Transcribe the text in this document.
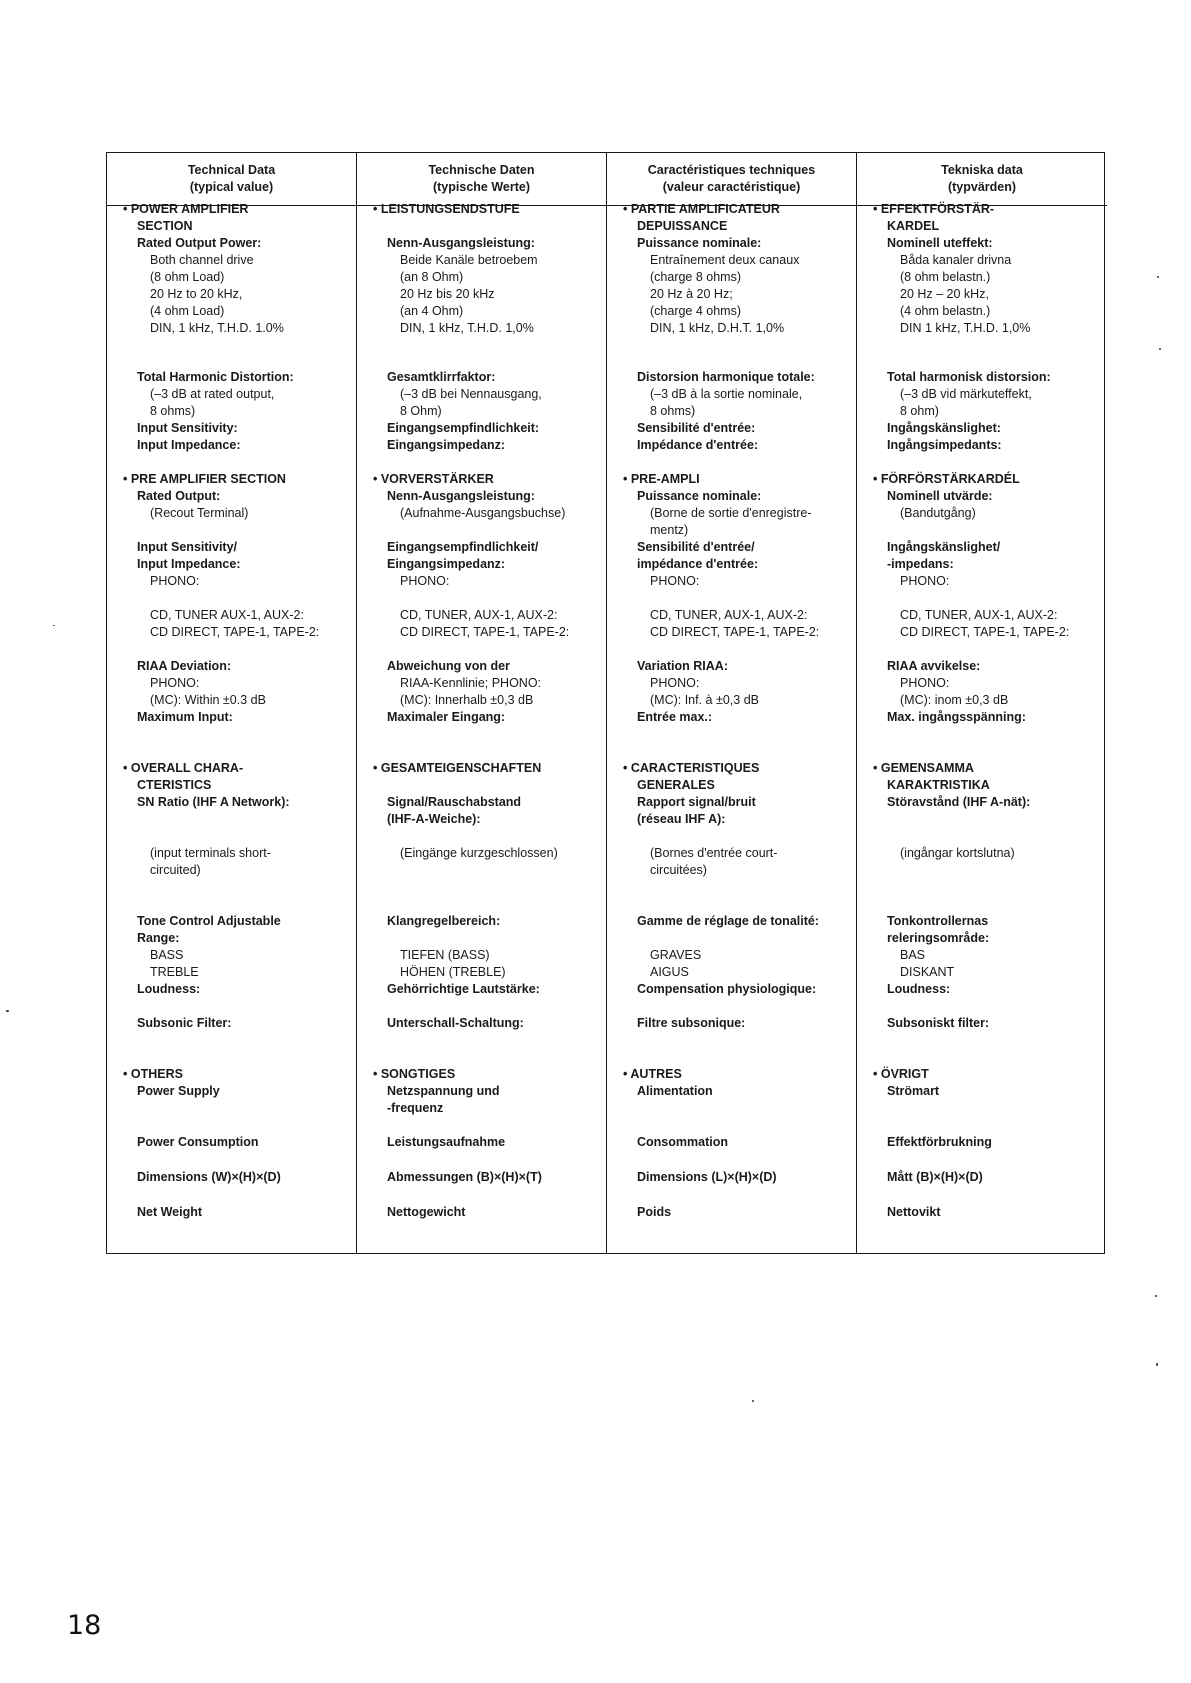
Technical Data
(typical value)
• POWER AMPLIFIER
SECTION
Rated Output Power:
Both channel drive
(8 ohm Load)
20 Hz to 20 kHz,
(4 ohm Load)
DIN, 1 kHz, T.H.D. 1.0%
Total Harmonic Distortion:
(–3 dB at rated output,
8 ohms)
Input Sensitivity:
Input Impedance:
• PRE AMPLIFIER SECTION
Rated Output:
(Recout Terminal)
Input Sensitivity/
Input Impedance:
PHONO:
CD, TUNER AUX-1, AUX-2:
CD DIRECT, TAPE-1, TAPE-2:
RIAA Deviation:
PHONO:
(MC): Within ±0.3 dB
Maximum Input:
• OVERALL CHARA-
CTERISTICS
SN Ratio (IHF A Network):
(input terminals short-
circuited)
Tone Control Adjustable
Range:
BASS
TREBLE
Loudness:
Subsonic Filter:
• OTHERS
Power Supply
Power Consumption
Dimensions (W)×(H)×(D)
Net Weight
Technische Daten
(typische Werte)
• LEISTUNGSENDSTUFE
Nenn-Ausgangsleistung:
Beide Kanäle betroebem
(an 8 Ohm)
20 Hz bis 20 kHz
(an 4 Ohm)
DIN, 1 kHz, T.H.D. 1,0%
Gesamtklirrfaktor:
(–3 dB bei Nennausgang,
8 Ohm)
Eingangsempfindlichkeit:
Eingangsimpedanz:
• VORVERSTÄRKER
Nenn-Ausgangsleistung:
(Aufnahme-Ausgangsbuchse)
Eingangsempfindlichkeit/
Eingangsimpedanz:
PHONO:
CD, TUNER, AUX-1, AUX-2:
CD DIRECT, TAPE-1, TAPE-2:
Abweichung von der
RIAA-Kennlinie; PHONO:
(MC): Innerhalb ±0,3 dB
Maximaler Eingang:
• GESAMTEIGENSCHAFTEN
Signal/Rauschabstand
(IHF-A-Weiche):
(Eingänge kurzgeschlossen)
Klangregelbereich:
TIEFEN (BASS)
HÖHEN (TREBLE)
Gehörrichtige Lautstärke:
Unterschall-Schaltung:
• SONGTIGES
Netzspannung und
-frequenz
Leistungsaufnahme
Abmessungen (B)×(H)×(T)
Nettogewicht
Caractéristiques techniques
(valeur caractéristique)
• PARTIE AMPLIFICATEUR
DEPUISSANCE
Puissance nominale:
Entraînement deux canaux
(charge 8 ohms)
20 Hz à 20 Hz;
(charge 4 ohms)
DIN, 1 kHz, D.H.T. 1,0%
Distorsion harmonique totale:
(–3 dB à la sortie nominale,
8 ohms)
Sensibilité d'entrée:
Impédance d'entrée:
• PRE-AMPLI
Puissance nominale:
(Borne de sortie d'enregistre-
mentz)
Sensibilité d'entrée/
impédance d'entrée:
PHONO:
CD, TUNER, AUX-1, AUX-2:
CD DIRECT, TAPE-1, TAPE-2:
Variation RIAA:
PHONO:
(MC): Inf. à ±0,3 dB
Entrée max.:
• CARACTERISTIQUES
GENERALES
Rapport signal/bruit
(réseau IHF A):
(Bornes d'entrée court-
circuitées)
Gamme de réglage de tonalité:
GRAVES
AIGUS
Compensation physiologique:
Filtre subsonique:
• AUTRES
Alimentation
Consommation
Dimensions (L)×(H)×(D)
Poids
Tekniska data
(typvärden)
• EFFEKTFÖRSTÄR-
KARDEL
Nominell uteffekt:
Båda kanaler drivna
(8 ohm belastn.)
20 Hz – 20 kHz,
(4 ohm belastn.)
DIN 1 kHz, T.H.D. 1,0%
Total harmonisk distorsion:
(–3 dB vid märkuteffekt,
8 ohm)
Ingångskänslighet:
Ingångsimpedants:
• FÖRFÖRSTÄRKARDÉL
Nominell utvärde:
(Bandutgång)
Ingångskänslighet/
-impedans:
PHONO:
CD, TUNER, AUX-1, AUX-2:
CD DIRECT, TAPE-1, TAPE-2:
RIAA avvikelse:
PHONO:
(MC): inom ±0,3 dB
Max. ingångsspänning:
• GEMENSAMMA
KARAKTRISTIKA
Störavstånd (IHF A-nät):
(ingångar kortslutna)
Tonkontrollernas
releringsområde:
BAS
DISKANT
Loudness:
Subsoniskt filter:
• ÖVRIGT
Strömart
Effektförbrukning
Mått (B)×(H)×(D)
Nettovikt
18
